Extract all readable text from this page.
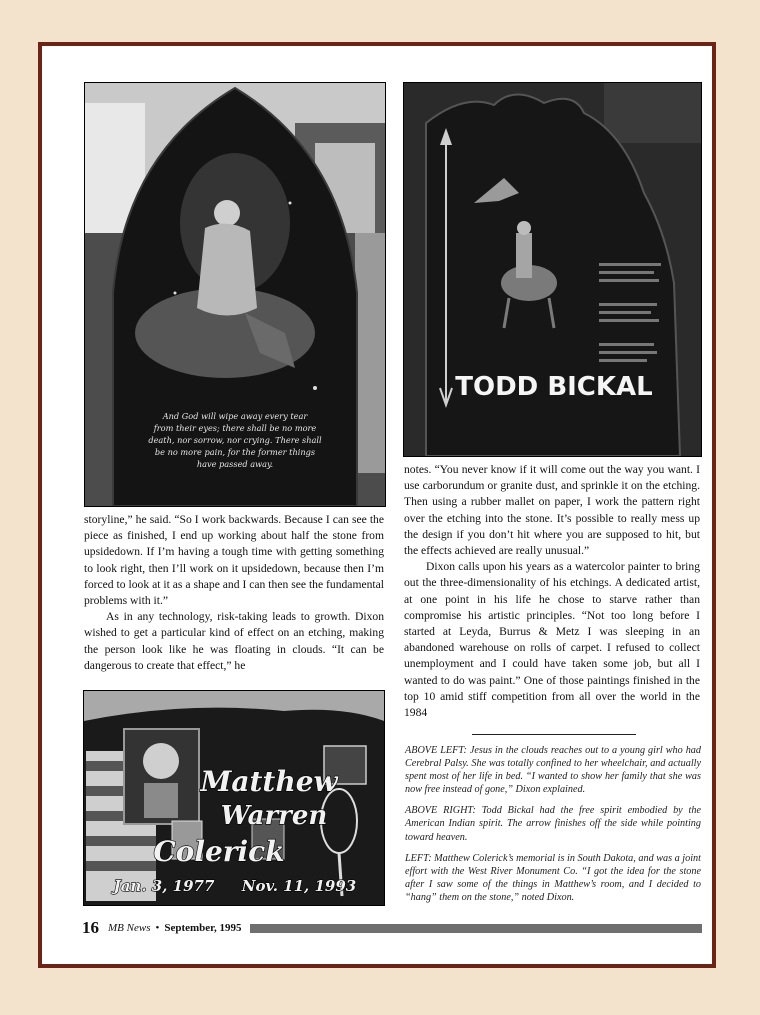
And God will wipe away every tear
from their eyes; there shall be no more
death, nor sorrow, nor crying. There shall
be no more pain, for the former things
have passed away.
TODD BICKAL
Matthew
Warren
Colerick
Jan. 3, 1977 Nov. 11, 1993

storyline,” he said. “So I work backwards. Because I can see the piece as finished, I end up working about half the stone from upsidedown. If I’m having a tough time with getting something to look right, then I’ll work on it upsidedown, because then I’m forced to look at it as a shape and I can then see the fundamental problems with it.”

As in any technology, risk-taking leads to growth. Dixon wished to get a particular kind of effect on an etching, making the person look like he was floating in clouds. “It can be dangerous to create that effect,” he

notes. “You never know if it will come out the way you want. I use carborundum or granite dust, and sprinkle it on the etching. Then using a rubber mallet on paper, I work the pattern right over the etching into the stone. It’s possible to really mess up the design if you don’t hit where you are supposed to hit, but the effects achieved are really unusual.”

Dixon calls upon his years as a watercolor painter to bring out the three-dimensionality of his etchings. A dedicated artist, at one point in his life he chose to starve rather than compromise his artistic principles. “Not too long before I started at Leyda, Burrus & Metz I was sleeping in an abandoned warehouse on rolls of carpet. I refused to collect unemployment and I could have taken some job, but all I wanted to do was paint.” One of those paintings finished in the top 10 amid stiff competition from all over the world in the 1984

ABOVE LEFT: Jesus in the clouds reaches out to a young girl who had Cerebral Palsy. She was totally confined to her wheelchair, and actually spent most of her life in bed. “I wanted to show her family that she was now free instead of gone,” Dixon explained.

ABOVE RIGHT: Todd Bickal had the free spirit embodied by the American Indian spirit. The arrow finishes off the side while pointing toward heaven.

LEFT: Matthew Colerick’s memorial is in South Dakota, and was a joint effort with the West River Monument Co. “I got the idea for the stone after I saw some of the things in Matthew’s room, and I decided to “hang” them on the stone,” noted Dixon.

16 MB News • September, 1995
